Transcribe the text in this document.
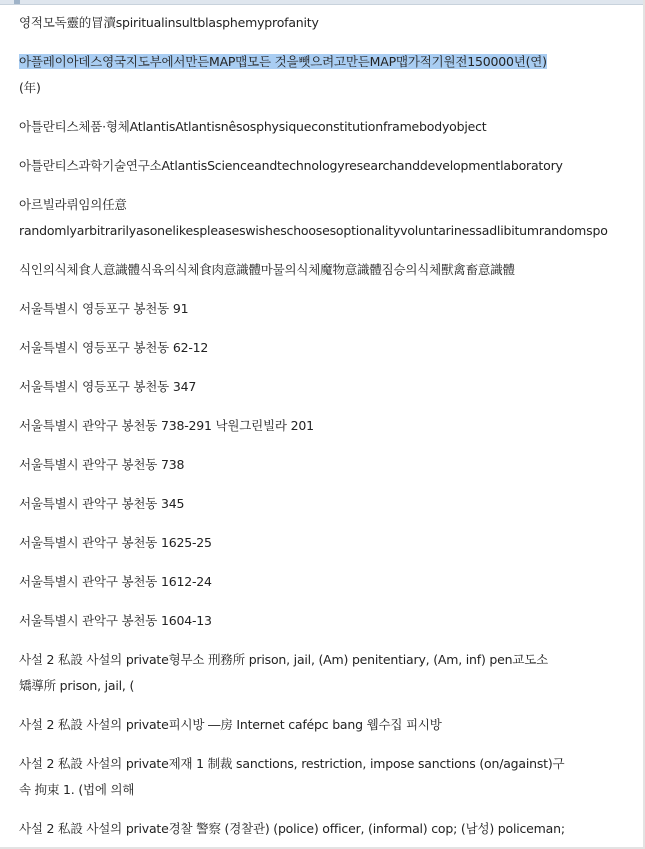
영적모독靈的冒瀆spiritualinsultblasphemyprofanity
아플레이아데스영국지도부에서만든MAP맵모든 것을뺏으려고만든MAP맵가적기원전150000년(연)
(年)
아틀란티스체품·형체AtlantisAtlantisnêsosphysiqueconstitutionframebodyobject
아틀란티스과학기술연구소AtlantisScienceandtechnologyresearchanddevelopmentlaboratory
아르빌라뤼임의任意
randomlyarbitrarilyasonelikespleaseswisheschoosesoptionalityvoluntarinessadlibitumrandomspo
식인의식체食人意識體식육의식체食肉意識體마물의식체魔物意識體짐승의식체獸禽畜意識體
서울특별시 영등포구 봉천동 91
서울특별시 영등포구 봉천동 62-12
서울특별시 영등포구 봉천동 347
서울특별시 관악구 봉천동 738-291 낙원그린빌라 201
서울특별시 관악구 봉천동 738
서울특별시 관악구 봉천동 345
서울특별시 관악구 봉천동 1625-25
서울특별시 관악구 봉천동 1612-24
서울특별시 관악구 봉천동 1604-13
사설 2 私設 사설의 private형무소 刑務所 prison, jail, (Am) penitentiary, (Am, inf) pen교도소
矯導所 prison, jail, (
사설 2 私設 사설의 private피시방 ―房 Internet cafépc bang 웹수집 피시방
사설 2 私設 사설의 private제재 1 制裁 sanctions, restriction, impose sanctions (on/against)구
속 拘束 1. (법에 의해
사설 2 私設 사설의 private경찰 警察 (경찰관) (police) officer, (informal) cop; (남성) policeman;
